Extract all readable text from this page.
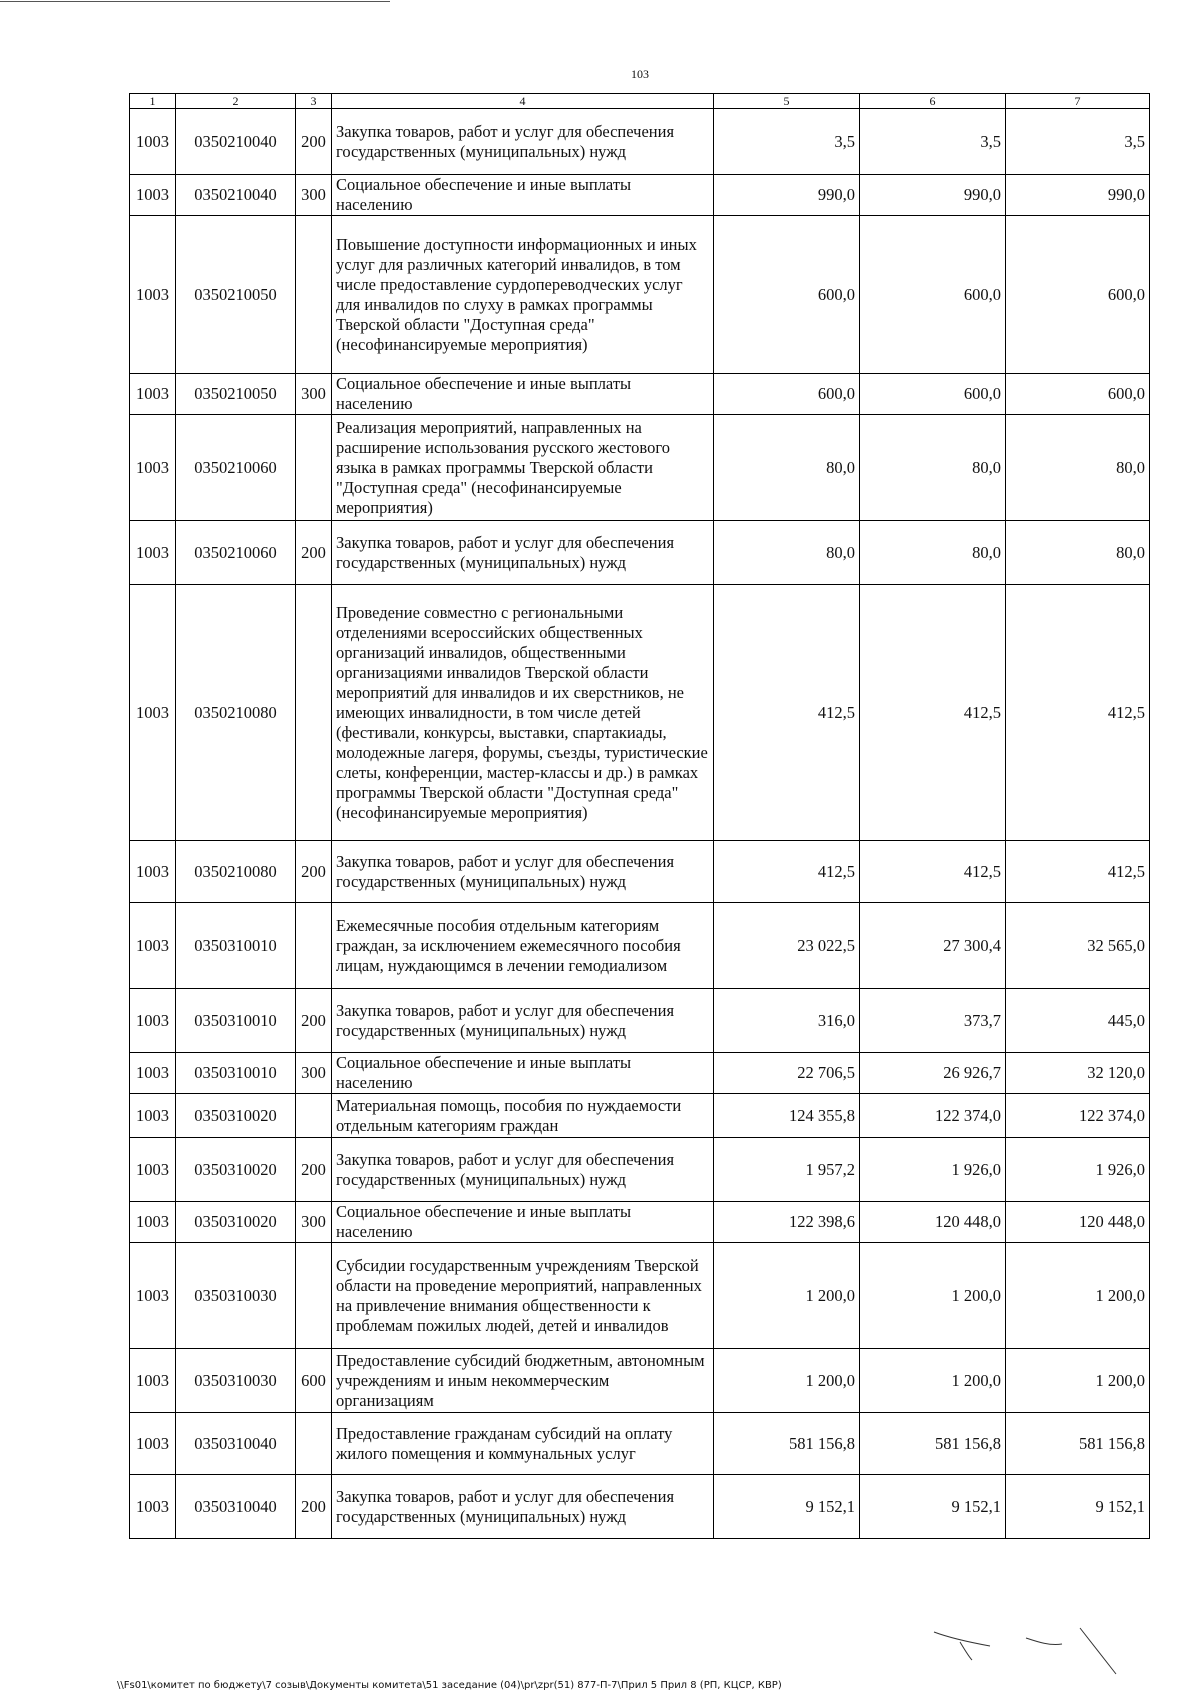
103
1	2	3	4	5	6	7
1003	0350210040	200	Закупка товаров, работ и услуг для обеспечения государственных (муниципальных) нужд	3,5	3,5	3,5
1003	0350210040	300	Социальное обеспечение и иные выплаты населению	990,0	990,0	990,0
1003	0350210050		Повышение доступности информационных и иных услуг для различных категорий инвалидов, в том числе предоставление сурдопереводческих услуг для инвалидов по слуху в рамках программы Тверской области "Доступная среда" (несофинансируемые мероприятия)	600,0	600,0	600,0
1003	0350210050	300	Социальное обеспечение и иные выплаты населению	600,0	600,0	600,0
1003	0350210060		Реализация мероприятий, направленных на расширение использования русского жестового языка в рамках программы Тверской области "Доступная среда" (несофинансируемые мероприятия)	80,0	80,0	80,0
1003	0350210060	200	Закупка товаров, работ и услуг для обеспечения государственных (муниципальных) нужд	80,0	80,0	80,0
1003	0350210080		Проведение совместно с региональными отделениями всероссийских общественных организаций инвалидов, общественными организациями инвалидов Тверской области мероприятий для инвалидов и их сверстников, не имеющих инвалидности, в том числе детей (фестивали, конкурсы, выставки, спартакиады, молодежные лагеря, форумы, съезды, туристические слеты, конференции, мастер-классы и др.) в рамках программы Тверской области "Доступная среда" (несофинансируемые мероприятия)	412,5	412,5	412,5
1003	0350210080	200	Закупка товаров, работ и услуг для обеспечения государственных (муниципальных) нужд	412,5	412,5	412,5
1003	0350310010		Ежемесячные пособия отдельным категориям граждан, за исключением ежемесячного пособия лицам, нуждающимся в лечении гемодиализом	23 022,5	27 300,4	32 565,0
1003	0350310010	200	Закупка товаров, работ и услуг для обеспечения государственных (муниципальных) нужд	316,0	373,7	445,0
1003	0350310010	300	Социальное обеспечение и иные выплаты населению	22 706,5	26 926,7	32 120,0
1003	0350310020		Материальная помощь, пособия по нуждаемости отдельным категориям граждан	124 355,8	122 374,0	122 374,0
1003	0350310020	200	Закупка товаров, работ и услуг для обеспечения государственных (муниципальных) нужд	1 957,2	1 926,0	1 926,0
1003	0350310020	300	Социальное обеспечение и иные выплаты населению	122 398,6	120 448,0	120 448,0
1003	0350310030		Субсидии государственным учреждениям Тверской области на проведение мероприятий, направленных на привлечение внимания общественности к проблемам пожилых людей, детей и инвалидов	1 200,0	1 200,0	1 200,0
1003	0350310030	600	Предоставление субсидий бюджетным, автономным учреждениям и иным некоммерческим организациям	1 200,0	1 200,0	1 200,0
1003	0350310040		Предоставление гражданам субсидий на оплату жилого помещения и коммунальных услуг	581 156,8	581 156,8	581 156,8
1003	0350310040	200	Закупка товаров, работ и услуг для обеспечения государственных (муниципальных) нужд	9 152,1	9 152,1	9 152,1
\\Fs01\комитет по бюджету\7 созыв\Документы комитета\51 заседание (04)\pr\zpr(51) 877-П-7\Прил 5 Прил 8 (РП, КЦСР, КВР)
